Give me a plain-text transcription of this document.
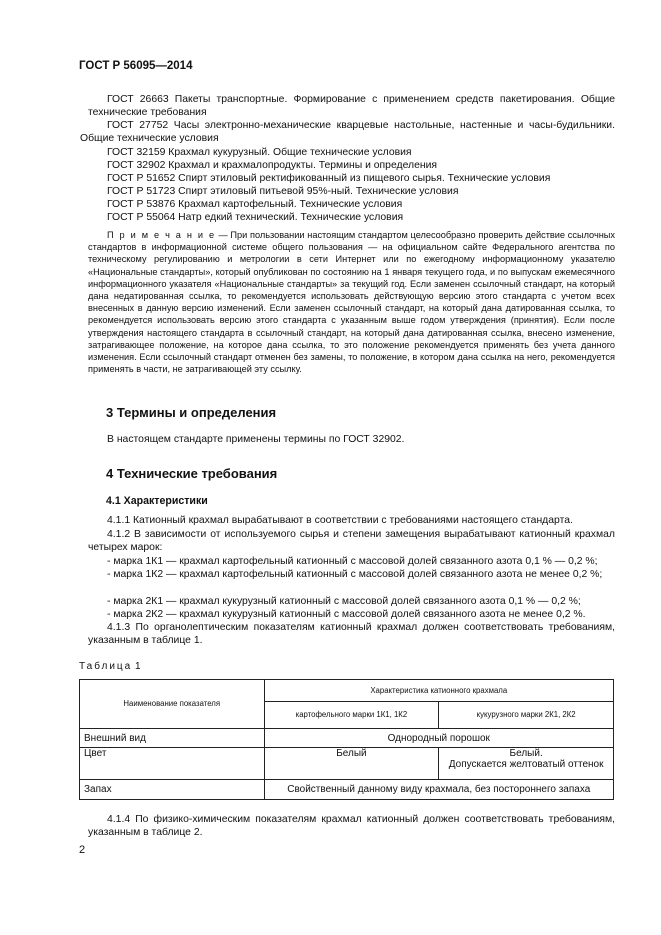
ГОСТ Р 56095—2014
ГОСТ 26663 Пакеты транспортные. Формирование с применением средств пакетирования. Общие технические требования
ГОСТ 27752 Часы электронно-механические кварцевые настольные, настенные и часы-будильники. Общие технические условия
ГОСТ 32159 Крахмал кукурузный. Общие технические условия
ГОСТ 32902 Крахмал и крахмалопродукты. Термины и определения
ГОСТ Р 51652 Спирт этиловый ректификованный из пищевого сырья. Технические условия
ГОСТ Р 51723 Спирт этиловый питьевой 95%-ный. Технические условия
ГОСТ Р 53876 Крахмал картофельный. Технические условия
ГОСТ Р 55064 Натр едкий технический. Технические условия
П р и м е ч а н и е — При пользовании настоящим стандартом целесообразно проверить действие ссылочных стандартов в информационной системе общего пользования — на официальном сайте Федерального агентства по техническому регулированию и метрологии в сети Интернет или по ежегодному информационному указателю «Национальные стандарты», который опубликован по состоянию на 1 января текущего года, и по выпускам ежемесячного информационного указателя «Национальные стандарты» за текущий год. Если заменен ссылочный стандарт, на который дана недатированная ссылка, то рекомендуется использовать действующую версию этого стандарта с учетом всех внесенных в данную версию изменений. Если заменен ссылочный стандарт, на который дана датированная ссылка, то рекомендуется использовать версию этого стандарта с указанным выше годом утверждения (принятия). Если после утверждения настоящего стандарта в ссылочный стандарт, на который дана датированная ссылка, внесено изменение, затрагивающее положение, на которое дана ссылка, то это положение рекомендуется применять без учета данного изменения. Если ссылочный стандарт отменен без замены, то положение, в котором дана ссылка на него, рекомендуется применять в части, не затрагивающей эту ссылку.
3 Термины и определения
В настоящем стандарте применены термины по ГОСТ 32902.
4 Технические требования
4.1 Характеристики
4.1.1 Катионный крахмал вырабатывают в соответствии с требованиями настоящего стандарта.
4.1.2 В зависимости от используемого сырья и степени замещения вырабатывают катионный крахмал четырех марок:
- марка 1К1 — крахмал картофельный катионный с массовой долей связанного азота 0,1 % — 0,2 %;
- марка 1К2 — крахмал картофельный катионный с массовой долей связанного азота не менее 0,2 %;
- марка 2К1 — крахмал кукурузный катионный с массовой долей связанного азота 0,1 % — 0,2 %;
- марка 2К2 — крахмал кукурузный катионный с массовой долей связанного азота не менее 0,2 %.
4.1.3 По органолептическим показателям катионный крахмал должен соответствовать требованиям, указанным в таблице 1.
Таблица 1
Наименование показателя	Характеристика катионного крахмала	
	картофельного марки 1К1, 1К2	кукурузного марки 2К1, 2К2
Внешний вид	Однородный порошок	
Цвет	Белый	Белый.
Допускается желтоватый оттенок

Запах	Свойственный данному виду крахмала, без постороннего запаха	
4.1.4 По физико-химическим показателям крахмал катионный должен соответствовать требованиям, указанным в таблице 2.
2
